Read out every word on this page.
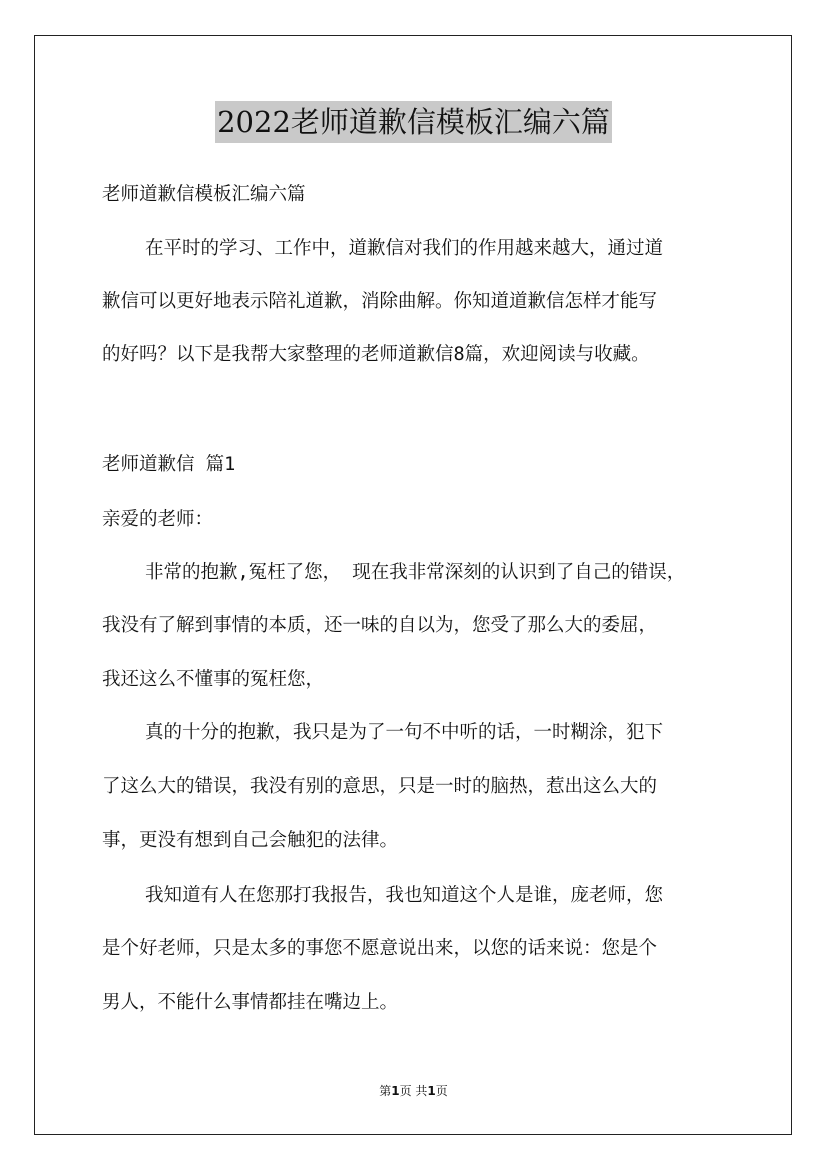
2022老师道歉信模板汇编六篇
老师道歉信模板汇编六篇
在平时的学习、工作中，道歉信对我们的作用越来越大，通过道
歉信可以更好地表示陪礼道歉，消除曲解。你知道道歉信怎样才能写
的好吗？以下是我帮大家整理的老师道歉信8篇，欢迎阅读与收藏。
老师道歉信 篇1
亲爱的老师：
非常的抱歉,冤枉了您， 现在我非常深刻的认识到了自己的错误，
我没有了解到事情的本质，还一味的自以为，您受了那么大的委屈，
我还这么不懂事的冤枉您，
真的十分的抱歉，我只是为了一句不中听的话，一时糊涂，犯下
了这么大的错误，我没有别的意思，只是一时的脑热，惹出这么大的
事，更没有想到自己会触犯的法律。
我知道有人在您那打我报告，我也知道这个人是谁，庞老师，您
是个好老师，只是太多的事您不愿意说出来，以您的话来说：您是个
男人，不能什么事情都挂在嘴边上。
第1页 共1页
